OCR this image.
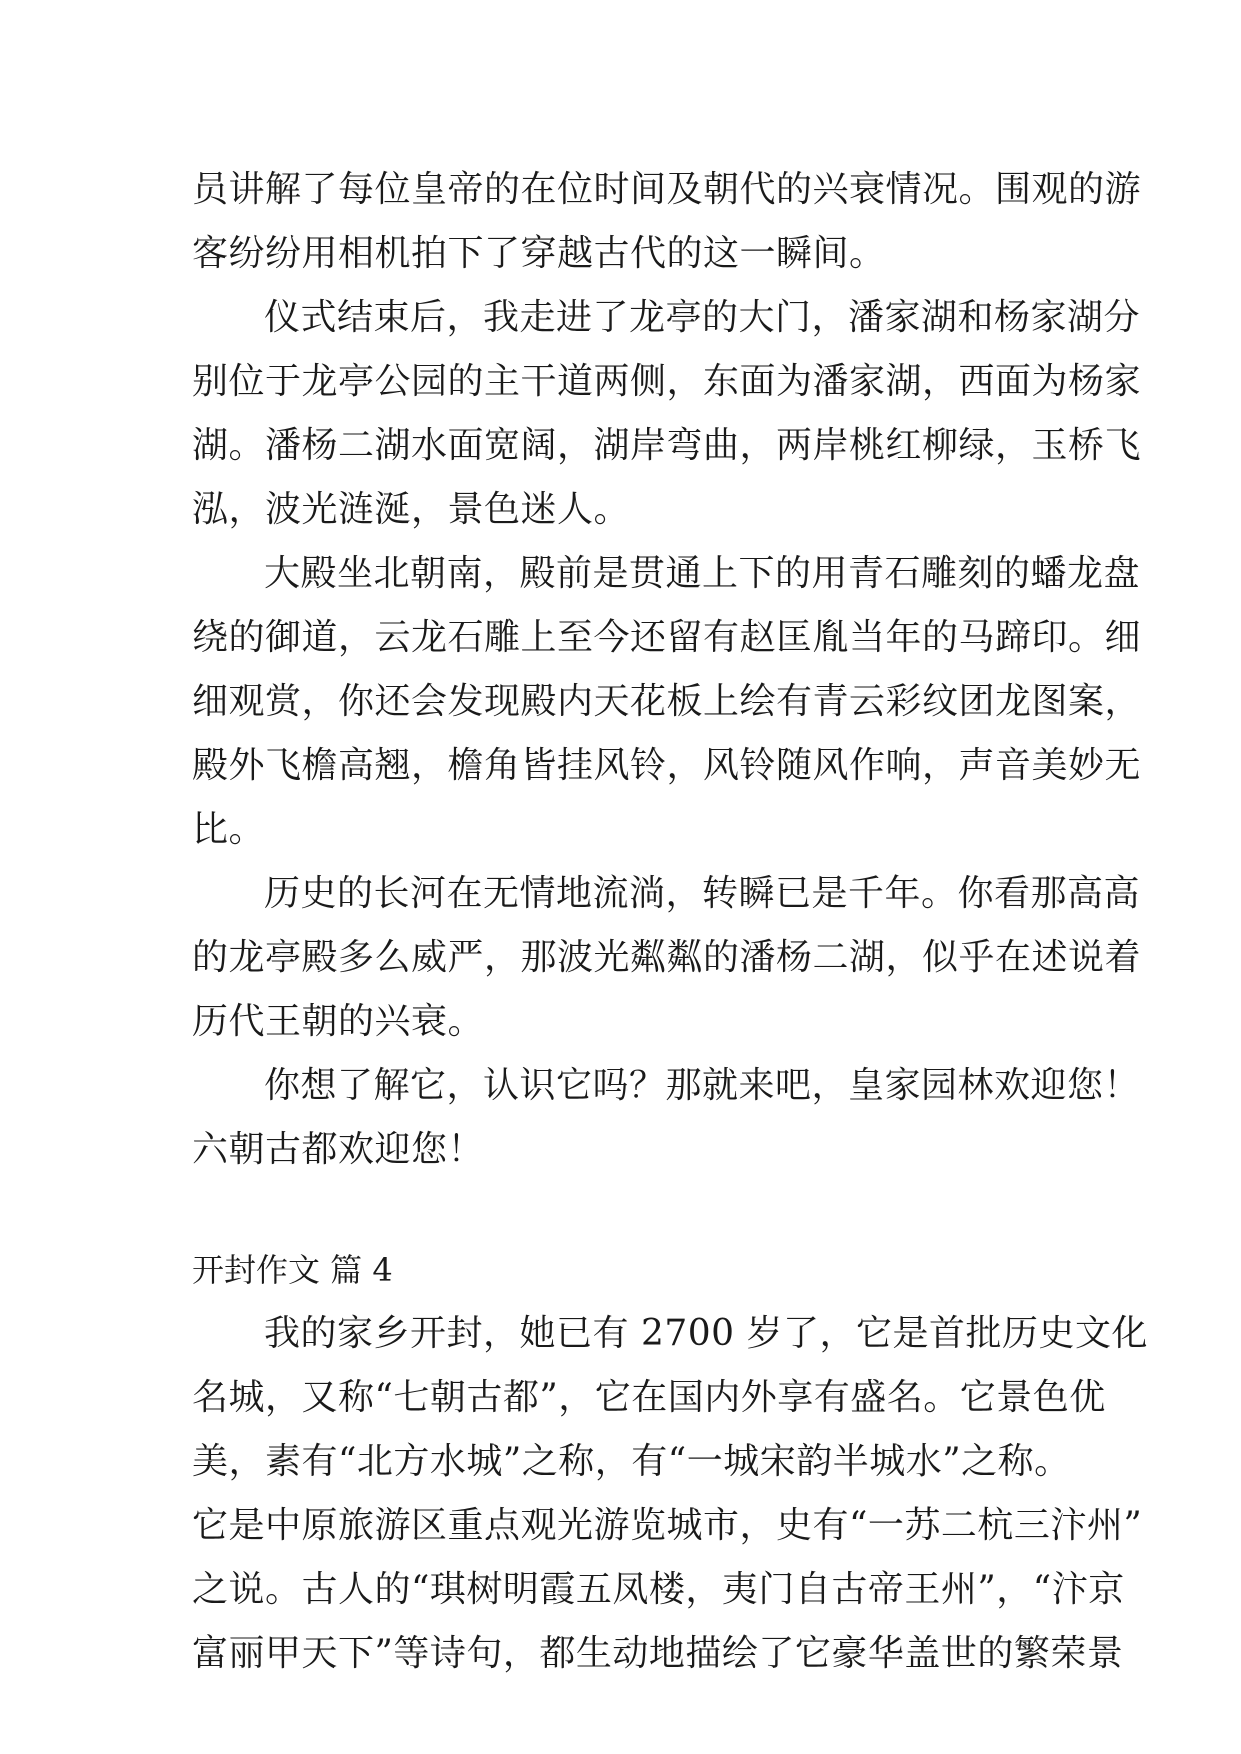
员讲解了每位皇帝的在位时间及朝代的兴衰情况。围观的游
客纷纷用相机拍下了穿越古代的这一瞬间。
仪式结束后，我走进了龙亭的大门，潘家湖和杨家湖分
别位于龙亭公园的主干道两侧，东面为潘家湖，西面为杨家
湖。潘杨二湖水面宽阔，湖岸弯曲，两岸桃红柳绿，玉桥飞
泓，波光涟涎，景色迷人。
大殿坐北朝南，殿前是贯通上下的用青石雕刻的蟠龙盘
绕的御道，云龙石雕上至今还留有赵匡胤当年的马蹄印。细
细观赏，你还会发现殿内天花板上绘有青云彩纹团龙图案，
殿外飞檐高翘，檐角皆挂风铃，风铃随风作响，声音美妙无
比。
历史的长河在无情地流淌，转瞬已是千年。你看那高高
的龙亭殿多么威严，那波光粼粼的潘杨二湖，似乎在述说着
历代王朝的兴衰。
你想了解它，认识它吗？那就来吧，皇家园林欢迎您！
六朝古都欢迎您！
开封作文 篇 4
我的家乡开封，她已有 2700 岁了，它是首批历史文化
名城，又称“七朝古都”，它在国内外享有盛名。它景色优
美，素有“北方水城”之称，有“一城宋韵半城水”之称。
它是中原旅游区重点观光游览城市，史有“一苏二杭三汴州”
之说。古人的“琪树明霞五凤楼，夷门自古帝王州”，“汴京
富丽甲天下”等诗句，都生动地描绘了它豪华盖世的繁荣景
